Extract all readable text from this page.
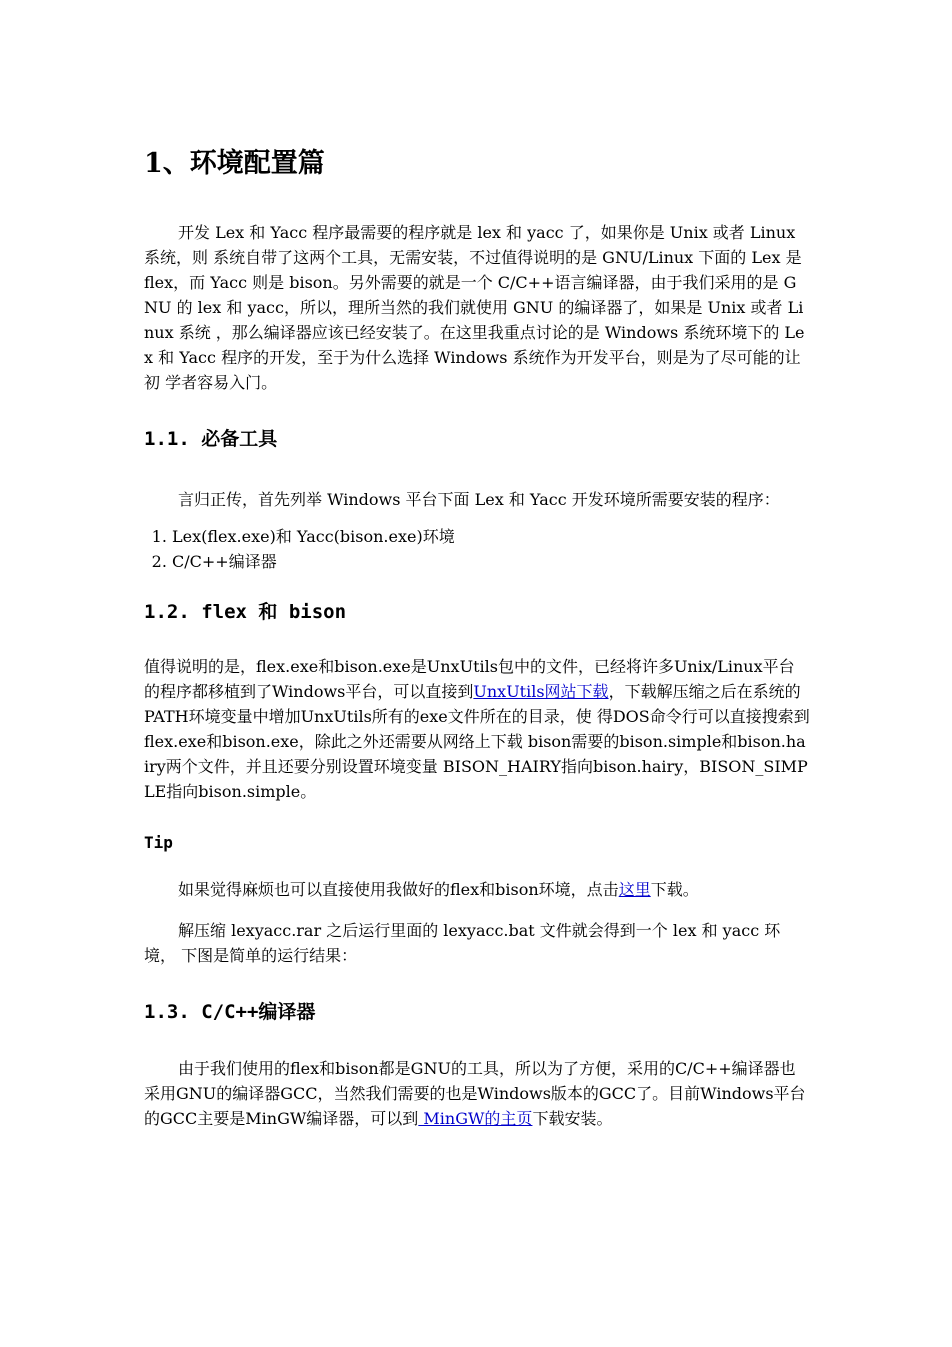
1、环境配置篇

开发 Lex 和 Yacc 程序最需要的程序就是 lex 和 yacc 了，如果你是 Unix 或者 Linux 系统，则 系统自带了这两个工具，无需安装，不过值得说明的是 GNU/Linux 下面的 Lex 是 flex，而 Yacc 则是 bison。另外需要的就是一个 C/C++语言编译器，由于我们采用的是 GNU 的 lex 和 yacc，所以，理所当然的我们就使用 GNU 的编译器了，如果是 Unix 或者 Linux 系统 ，那么编译器应该已经安装了。在这里我重点讨论的是 Windows 系统环境下的 Lex 和 Yacc 程序的开发，至于为什么选择 Windows 系统作为开发平台，则是为了尽可能的让初 学者容易入门。

1.1. 必备工具

言归正传，首先列举 Windows 平台下面 Lex 和 Yacc 开发环境所需要安装的程序：

1. Lex(flex.exe)和 Yacc(bison.exe)环境
2. C/C++编译器
1.2. flex 和 bison

值得说明的是，flex.exe和bison.exe是UnxUtils包中的文件，已经将许多Unix/Linux平台的程序都移植到了Windows平台，可以直接到UnxUtils网站下载，下载解压缩之后在系统的PATH环境变量中增加UnxUtils所有的exe文件所在的目录，使 得DOS命令行可以直接搜索到flex.exe和bison.exe，除此之外还需要从网络上下载 bison需要的bison.simple和bison.hairy两个文件，并且还要分别设置环境变量 BISON_HAIRY指向bison.hairy，BISON_SIMPLE指向bison.simple。

Tip

如果觉得麻烦也可以直接使用我做好的flex和bison环境，点击这里下载。

解压缩 lexyacc.rar 之后运行里面的 lexyacc.bat 文件就会得到一个 lex 和 yacc 环境， 下图是简单的运行结果：

1.3. C/C++编译器

由于我们使用的flex和bison都是GNU的工具，所以为了方便，采用的C/C++编译器也 采用GNU的编译器GCC，当然我们需要的也是Windows版本的GCC了。目前Windows平台 的GCC主要是MinGW编译器，可以到 MinGW的主页下载安装。
